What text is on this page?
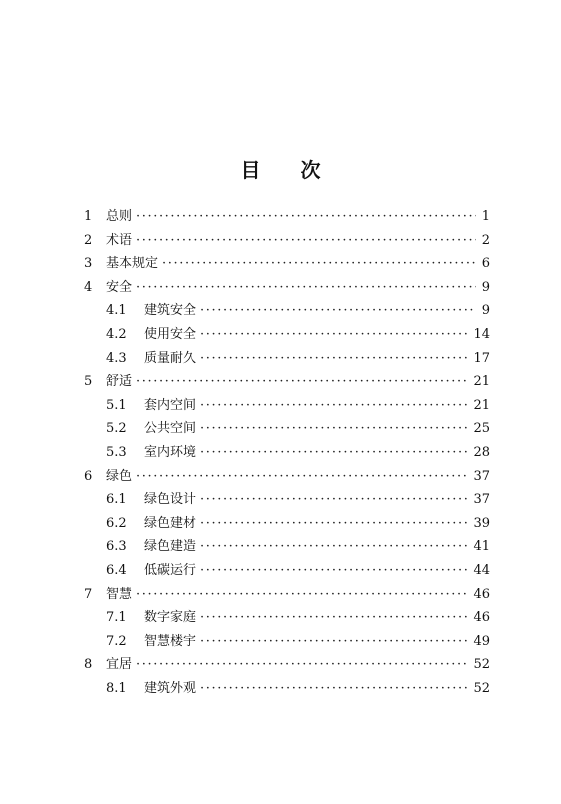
目 次
1	总则 ·····	1
2	术语 ·····	2
3	基本规定 ·····	6
4	安全 ·····	9
4.1	建筑安全 ·····	9
4.2	使用安全 ·····	14
4.3	质量耐久 ·····	17
5	舒适 ·····	21
5.1	套内空间 ·····	21
5.2	公共空间 ·····	25
5.3	室内环境 ·····	28
6	绿色 ·····	37
6.1	绿色设计 ·····	37
6.2	绿色建材 ·····	39
6.3	绿色建造 ·····	41
6.4	低碳运行 ·····	44
7	智慧 ·····	46
7.1	数字家庭 ·····	46
7.2	智慧楼宇 ·····	49
8	宜居 ·····	52
8.1	建筑外观 ·····	52
